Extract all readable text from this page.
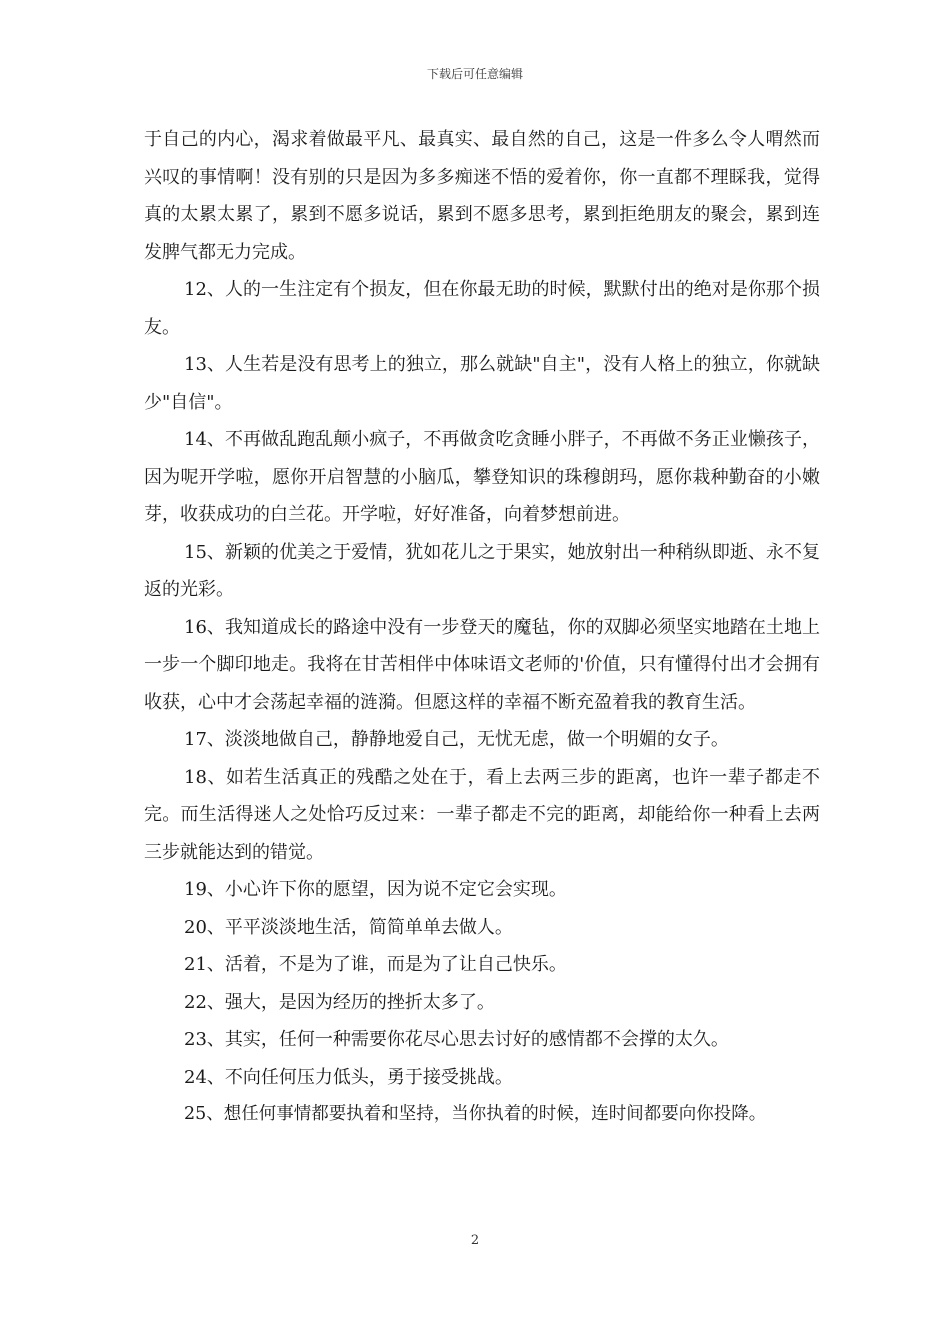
下载后可任意编辑

于自己的内心，渴求着做最平凡、最真实、最自然的自己，这是一件多么令人喟然而兴叹的事情啊！没有别的只是因为多多痴迷不悟的爱着你，你一直都不理睬我，觉得真的太累太累了，累到不愿多说话，累到不愿多思考，累到拒绝朋友的聚会，累到连发脾气都无力完成。

12、人的一生注定有个损友，但在你最无助的时候，默默付出的绝对是你那个损友。

13、人生若是没有思考上的独立，那么就缺"自主"，没有人格上的独立，你就缺少"自信"。

14、不再做乱跑乱颠小疯子，不再做贪吃贪睡小胖子，不再做不务正业懒孩子，因为呢开学啦，愿你开启智慧的小脑瓜，攀登知识的珠穆朗玛，愿你栽种勤奋的小嫩芽，收获成功的白兰花。开学啦，好好准备，向着梦想前进。

15、新颖的优美之于爱情，犹如花儿之于果实，她放射出一种稍纵即逝、永不复返的光彩。

16、我知道成长的路途中没有一步登天的魔毡，你的双脚必须坚实地踏在土地上一步一个脚印地走。我将在甘苦相伴中体味语文老师的'价值，只有懂得付出才会拥有收获，心中才会荡起幸福的涟漪。但愿这样的幸福不断充盈着我的教育生活。

17、淡淡地做自己，静静地爱自己，无忧无虑，做一个明媚的女子。

18、如若生活真正的残酷之处在于，看上去两三步的距离，也许一辈子都走不完。而生活得迷人之处恰巧反过来：一辈子都走不完的距离，却能给你一种看上去两三步就能达到的错觉。

19、小心许下你的愿望，因为说不定它会实现。

20、平平淡淡地生活，简简单单去做人。

21、活着，不是为了谁，而是为了让自己快乐。

22、强大，是因为经历的挫折太多了。

23、其实，任何一种需要你花尽心思去讨好的感情都不会撑的太久。

24、不向任何压力低头，勇于接受挑战。

25、想任何事情都要执着和坚持，当你执着的时候，连时间都要向你投降。

2
